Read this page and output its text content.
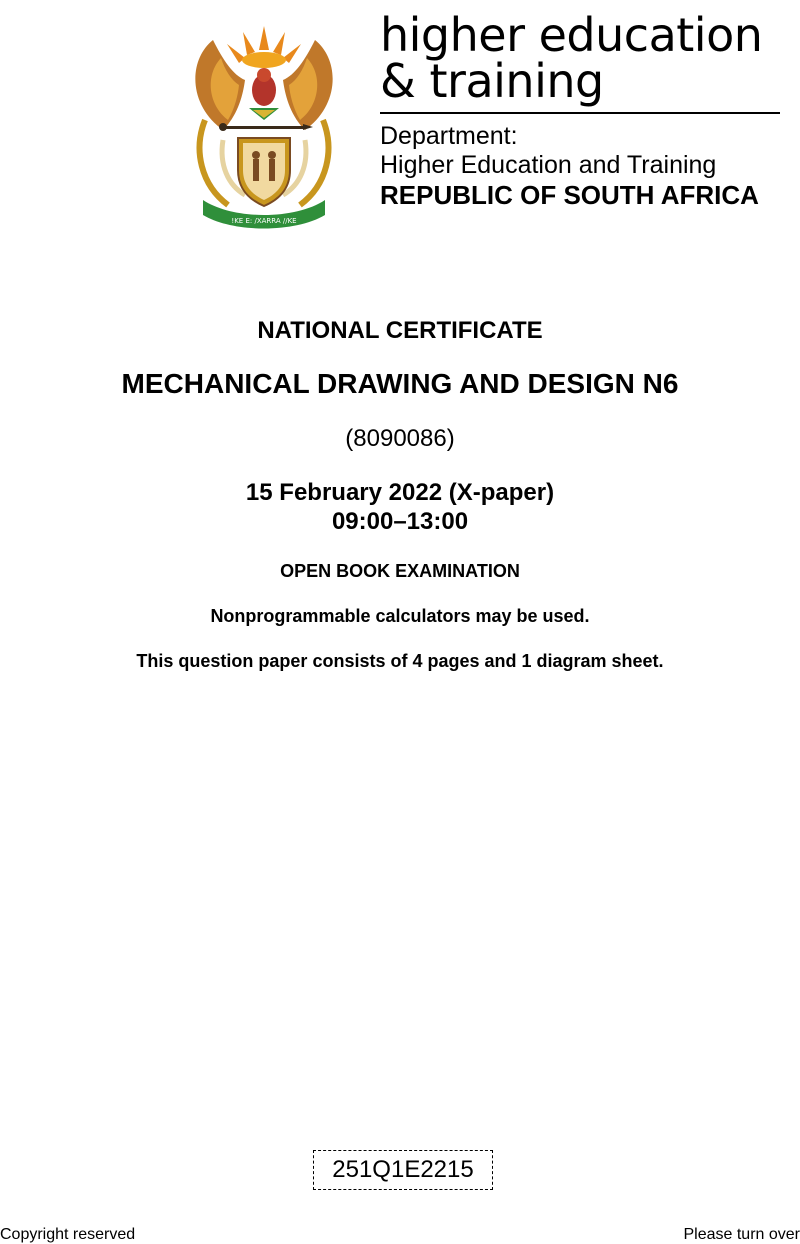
!KE E: /XARRA //KE
higher education
& training
Department:
Higher Education and Training
REPUBLIC OF SOUTH AFRICA
NATIONAL CERTIFICATE
MECHANICAL DRAWING AND DESIGN N6
(8090086)
15 February 2022 (X-paper)
09:00–13:00
OPEN BOOK EXAMINATION
Nonprogrammable calculators may be used.
This question paper consists of 4 pages and 1 diagram sheet.
251Q1E2215
Copyright reserved	Please turn over
